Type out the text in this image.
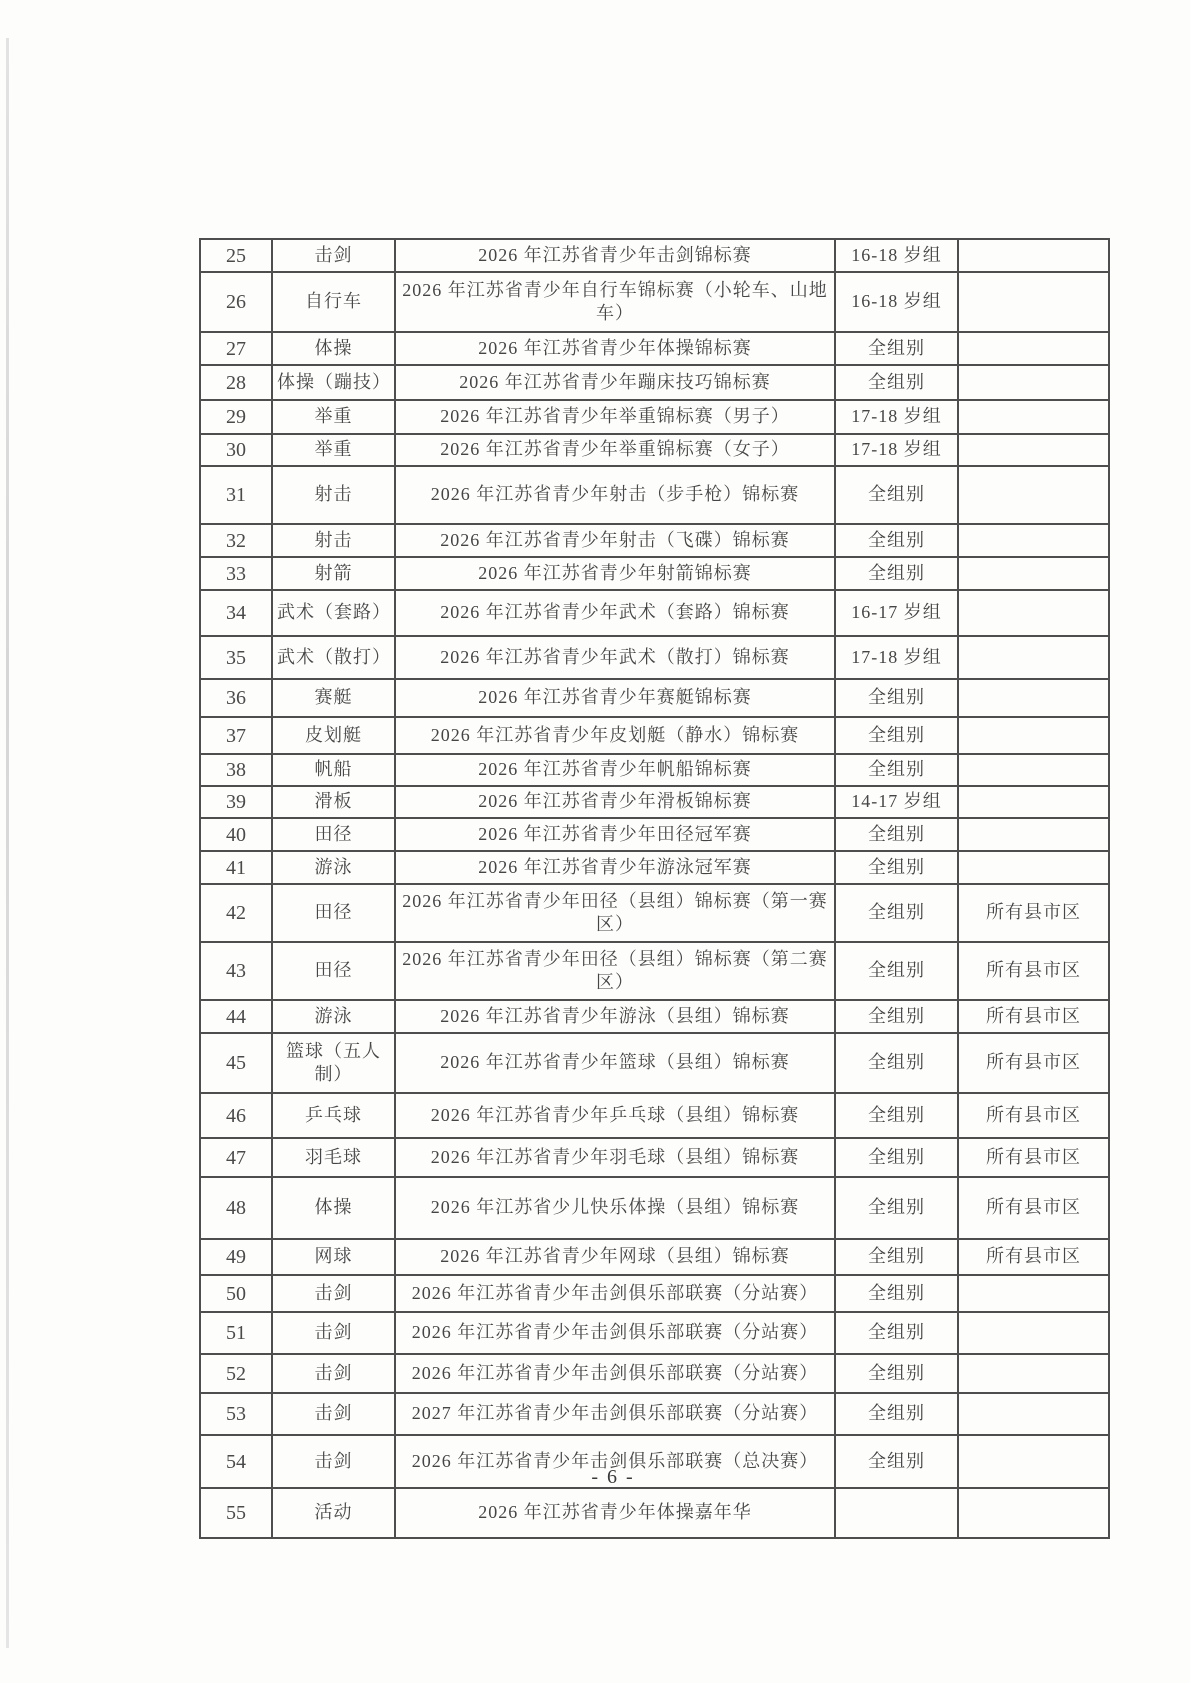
25	击剑	2026 年江苏省青少年击剑锦标赛	16-18 岁组	
26	自行车	2026 年江苏省青少年自行车锦标赛（小轮车、山地车）	16-18 岁组	
27	体操	2026 年江苏省青少年体操锦标赛	全组别	
28	体操（蹦技）	2026 年江苏省青少年蹦床技巧锦标赛	全组别	
29	举重	2026 年江苏省青少年举重锦标赛（男子）	17-18 岁组	
30	举重	2026 年江苏省青少年举重锦标赛（女子）	17-18 岁组	
31	射击	2026 年江苏省青少年射击（步手枪）锦标赛	全组别	
32	射击	2026 年江苏省青少年射击（飞碟）锦标赛	全组别	
33	射箭	2026 年江苏省青少年射箭锦标赛	全组别	
34	武术（套路）	2026 年江苏省青少年武术（套路）锦标赛	16-17 岁组	
35	武术（散打）	2026 年江苏省青少年武术（散打）锦标赛	17-18 岁组	
36	赛艇	2026 年江苏省青少年赛艇锦标赛	全组别	
37	皮划艇	2026 年江苏省青少年皮划艇（静水）锦标赛	全组别	
38	帆船	2026 年江苏省青少年帆船锦标赛	全组别	
39	滑板	2026 年江苏省青少年滑板锦标赛	14-17 岁组	
40	田径	2026 年江苏省青少年田径冠军赛	全组别	
41	游泳	2026 年江苏省青少年游泳冠军赛	全组别	
42	田径	2026 年江苏省青少年田径（县组）锦标赛（第一赛区）	全组别	所有县市区
43	田径	2026 年江苏省青少年田径（县组）锦标赛（第二赛区）	全组别	所有县市区
44	游泳	2026 年江苏省青少年游泳（县组）锦标赛	全组别	所有县市区
45	篮球（五人制）	2026 年江苏省青少年篮球（县组）锦标赛	全组别	所有县市区
46	乒乓球	2026 年江苏省青少年乒乓球（县组）锦标赛	全组别	所有县市区
47	羽毛球	2026 年江苏省青少年羽毛球（县组）锦标赛	全组别	所有县市区
48	体操	2026 年江苏省少儿快乐体操（县组）锦标赛	全组别	所有县市区
49	网球	2026 年江苏省青少年网球（县组）锦标赛	全组别	所有县市区
50	击剑	2026 年江苏省青少年击剑俱乐部联赛（分站赛）	全组别	
51	击剑	2026 年江苏省青少年击剑俱乐部联赛（分站赛）	全组别	
52	击剑	2026 年江苏省青少年击剑俱乐部联赛（分站赛）	全组别	
53	击剑	2027 年江苏省青少年击剑俱乐部联赛（分站赛）	全组别	
54	击剑	2026 年江苏省青少年击剑俱乐部联赛（总决赛）	全组别	
55	活动	2026 年江苏省青少年体操嘉年华		
- 6 -
